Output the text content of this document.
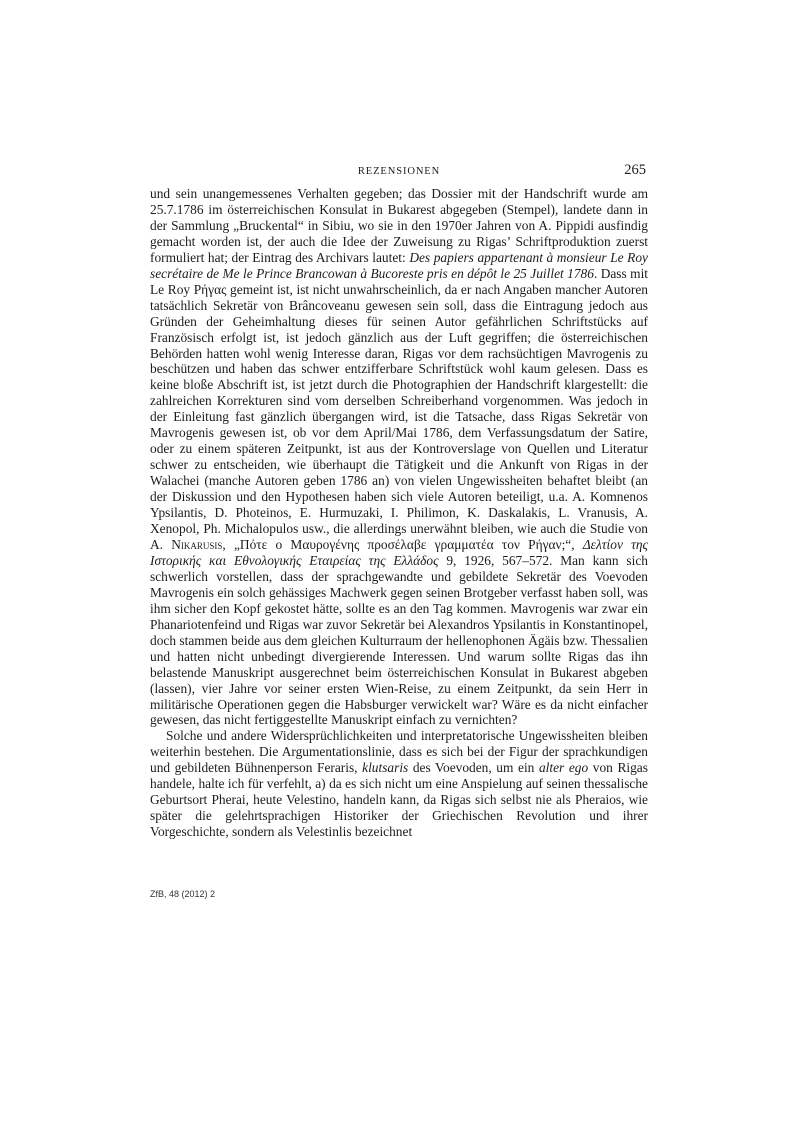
REZENSIONEN	265

und sein unangemessenes Verhalten gegeben; das Dossier mit der Handschrift wurde am 25.7.1786 im österreichischen Konsulat in Bukarest abgegeben (Stempel), landete dann in der Sammlung „Bruckental“ in Sibiu, wo sie in den 1970er Jahren von A. Pippidi ausfindig gemacht worden ist, der auch die Idee der Zuweisung zu Rigas’ Schriftproduktion zuerst formuliert hat; der Eintrag des Archivars lautet: Des papiers appartenant à monsieur Le Roy secrétaire de Me le Prince Brancowan à Bucoreste pris en dépôt le 25 Juillet 1786. Dass mit Le Roy Ρήγας gemeint ist, ist nicht unwahrscheinlich, da er nach Angaben mancher Autoren tatsächlich Sekretär von Brâncoveanu gewesen sein soll, dass die Eintragung jedoch aus Gründen der Geheimhaltung dieses für seinen Autor gefährlichen Schriftstücks auf Französisch erfolgt ist, ist jedoch gänzlich aus der Luft gegriffen; die österreichischen Behörden hatten wohl wenig Interesse daran, Rigas vor dem rachsüchtigen Mavrogenis zu beschützen und haben das schwer entzifferbare Schriftstück wohl kaum gelesen. Dass es keine bloße Abschrift ist, ist jetzt durch die Photographien der Handschrift klargestellt: die zahlreichen Korrekturen sind vom derselben Schreiberhand vorgenommen. Was jedoch in der Einleitung fast gänzlich übergangen wird, ist die Tatsache, dass Rigas Sekretär von Mavrogenis gewesen ist, ob vor dem April/Mai 1786, dem Verfassungsdatum der Satire, oder zu einem späteren Zeitpunkt, ist aus der Kontroverslage von Quellen und Literatur schwer zu entscheiden, wie überhaupt die Tätigkeit und die Ankunft von Rigas in der Walachei (manche Autoren geben 1786 an) von vielen Ungewissheiten behaftet bleibt (an der Diskussion und den Hypothesen haben sich viele Autoren beteiligt, u.a. A. Komnenos Ypsilantis, D. Photeinos, E. Hurmuzaki, I. Philimon, K. Daskalakis, L. Vranusis, A. Xenopol, Ph. Michalopulos usw., die allerdings unerwähnt bleiben, wie auch die Studie von A. Nikarusis, „Πότε ο Μαυρογένης προσέλαβε γραμματέα τον Ρήγαν;“, Δελτίον της Ιστορικής και Εθνολογικής Εταιρείας της Ελλάδος 9, 1926, 567–572. Man kann sich schwerlich vorstellen, dass der sprachgewandte und gebildete Sekretär des Voevoden Mavrogenis ein solch gehässiges Machwerk gegen seinen Brotgeber verfasst haben soll, was ihm sicher den Kopf gekostet hätte, sollte es an den Tag kommen. Mavrogenis war zwar ein Phanariotenfeind und Rigas war zuvor Sekretär bei Alexandros Ypsilantis in Konstantinopel, doch stammen beide aus dem gleichen Kulturraum der hellenophonen Ägäis bzw. Thessalien und hatten nicht unbedingt divergierende Interessen. Und warum sollte Rigas das ihn belastende Manuskript ausgerechnet beim österreichischen Konsulat in Bukarest abgeben (lassen), vier Jahre vor seiner ersten Wien-Reise, zu einem Zeitpunkt, da sein Herr in militärische Operationen gegen die Habsburger verwickelt war? Wäre es da nicht einfacher gewesen, das nicht fertiggestellte Manuskript einfach zu vernichten?

Solche und andere Widersprüchlichkeiten und interpretatorische Ungewissheiten bleiben weiterhin bestehen. Die Argumentationslinie, dass es sich bei der Figur der sprachkundigen und gebildeten Bühnenperson Feraris, klutsaris des Voevoden, um ein alter ego von Rigas handele, halte ich für verfehlt, a) da es sich nicht um eine Anspielung auf seinen thessalische Geburtsort Pherai, heute Velestino, handeln kann, da Rigas sich selbst nie als Pheraios, wie später die gelehrtsprachigen Historiker der Griechischen Revolution und ihrer Vorgeschichte, sondern als Velestinlis bezeichnet

ZfB, 48 (2012) 2
